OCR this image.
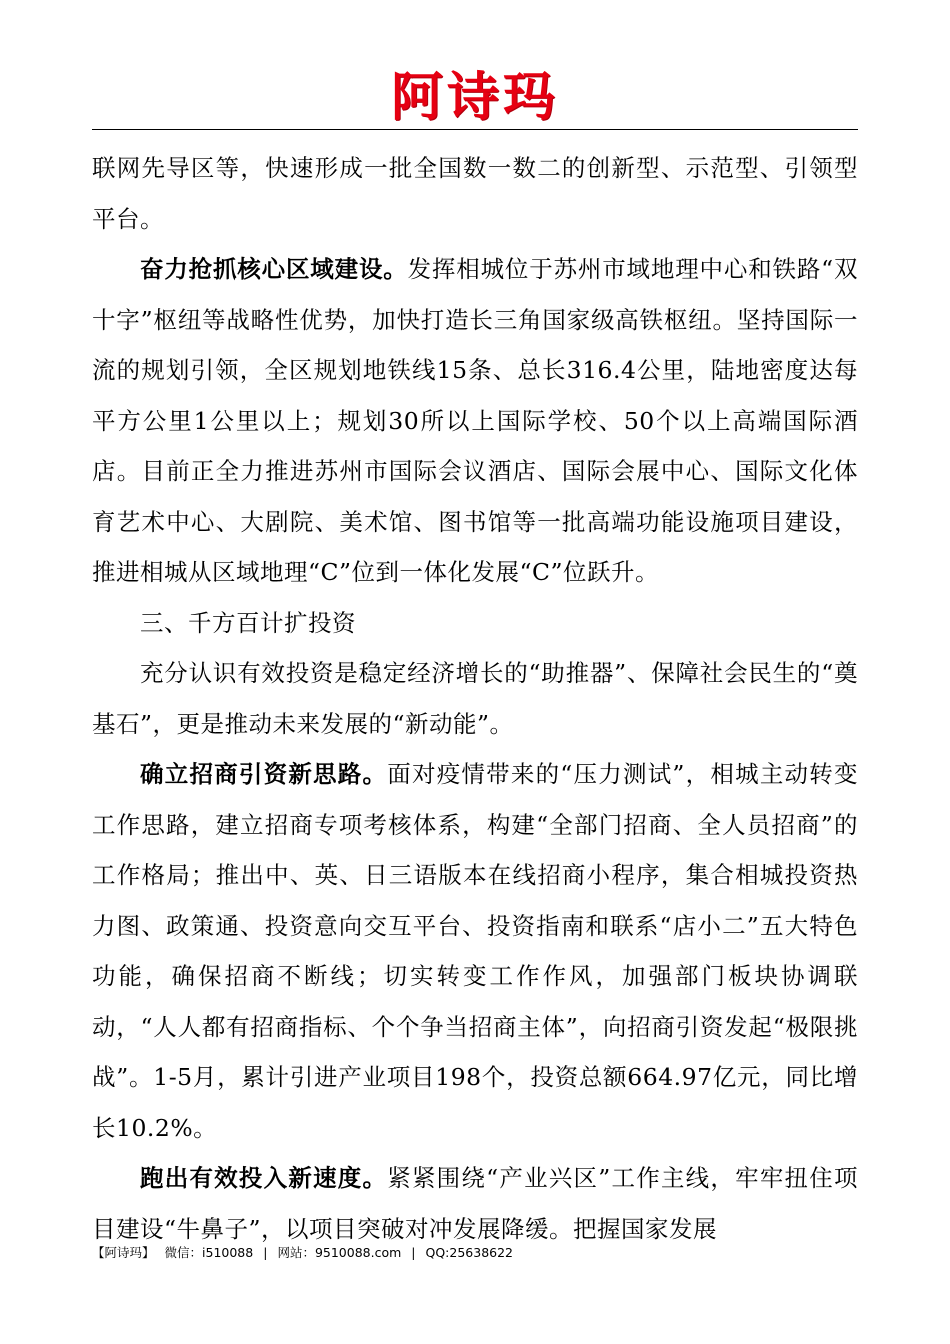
阿诗玛

联网先导区等，快速形成一批全国数一数二的创新型、示范型、引领型平台。

奋力抢抓核心区域建设。发挥相城位于苏州市域地理中心和铁路“双十字”枢纽等战略性优势，加快打造长三角国家级高铁枢纽。坚持国际一流的规划引领，全区规划地铁线15条、总长316.4公里，陆地密度达每平方公里1公里以上；规划30所以上国际学校、50个以上高端国际酒店。目前正全力推进苏州市国际会议酒店、国际会展中心、国际文化体育艺术中心、大剧院、美术馆、图书馆等一批高端功能设施项目建设，推进相城从区域地理“C”位到一体化发展“C”位跃升。

三、千方百计扩投资

充分认识有效投资是稳定经济增长的“助推器”、保障社会民生的“奠基石”，更是推动未来发展的“新动能”。

确立招商引资新思路。面对疫情带来的“压力测试”，相城主动转变工作思路，建立招商专项考核体系，构建“全部门招商、全人员招商”的工作格局；推出中、英、日三语版本在线招商小程序，集合相城投资热力图、政策通、投资意向交互平台、投资指南和联系“店小二”五大特色功能，确保招商不断线；切实转变工作作风，加强部门板块协调联动，“人人都有招商指标、个个争当招商主体”，向招商引资发起“极限挑战”。1-5月，累计引进产业项目198个，投资总额664.97亿元，同比增长10.2%。

跑出有效投入新速度。紧紧围绕“产业兴区”工作主线，牢牢扭住项目建设“牛鼻子”，以项目突破对冲发展降缓。把握国家发展

【阿诗玛】 微信：i510088 | 网站：9510088.com | QQ:25638622
